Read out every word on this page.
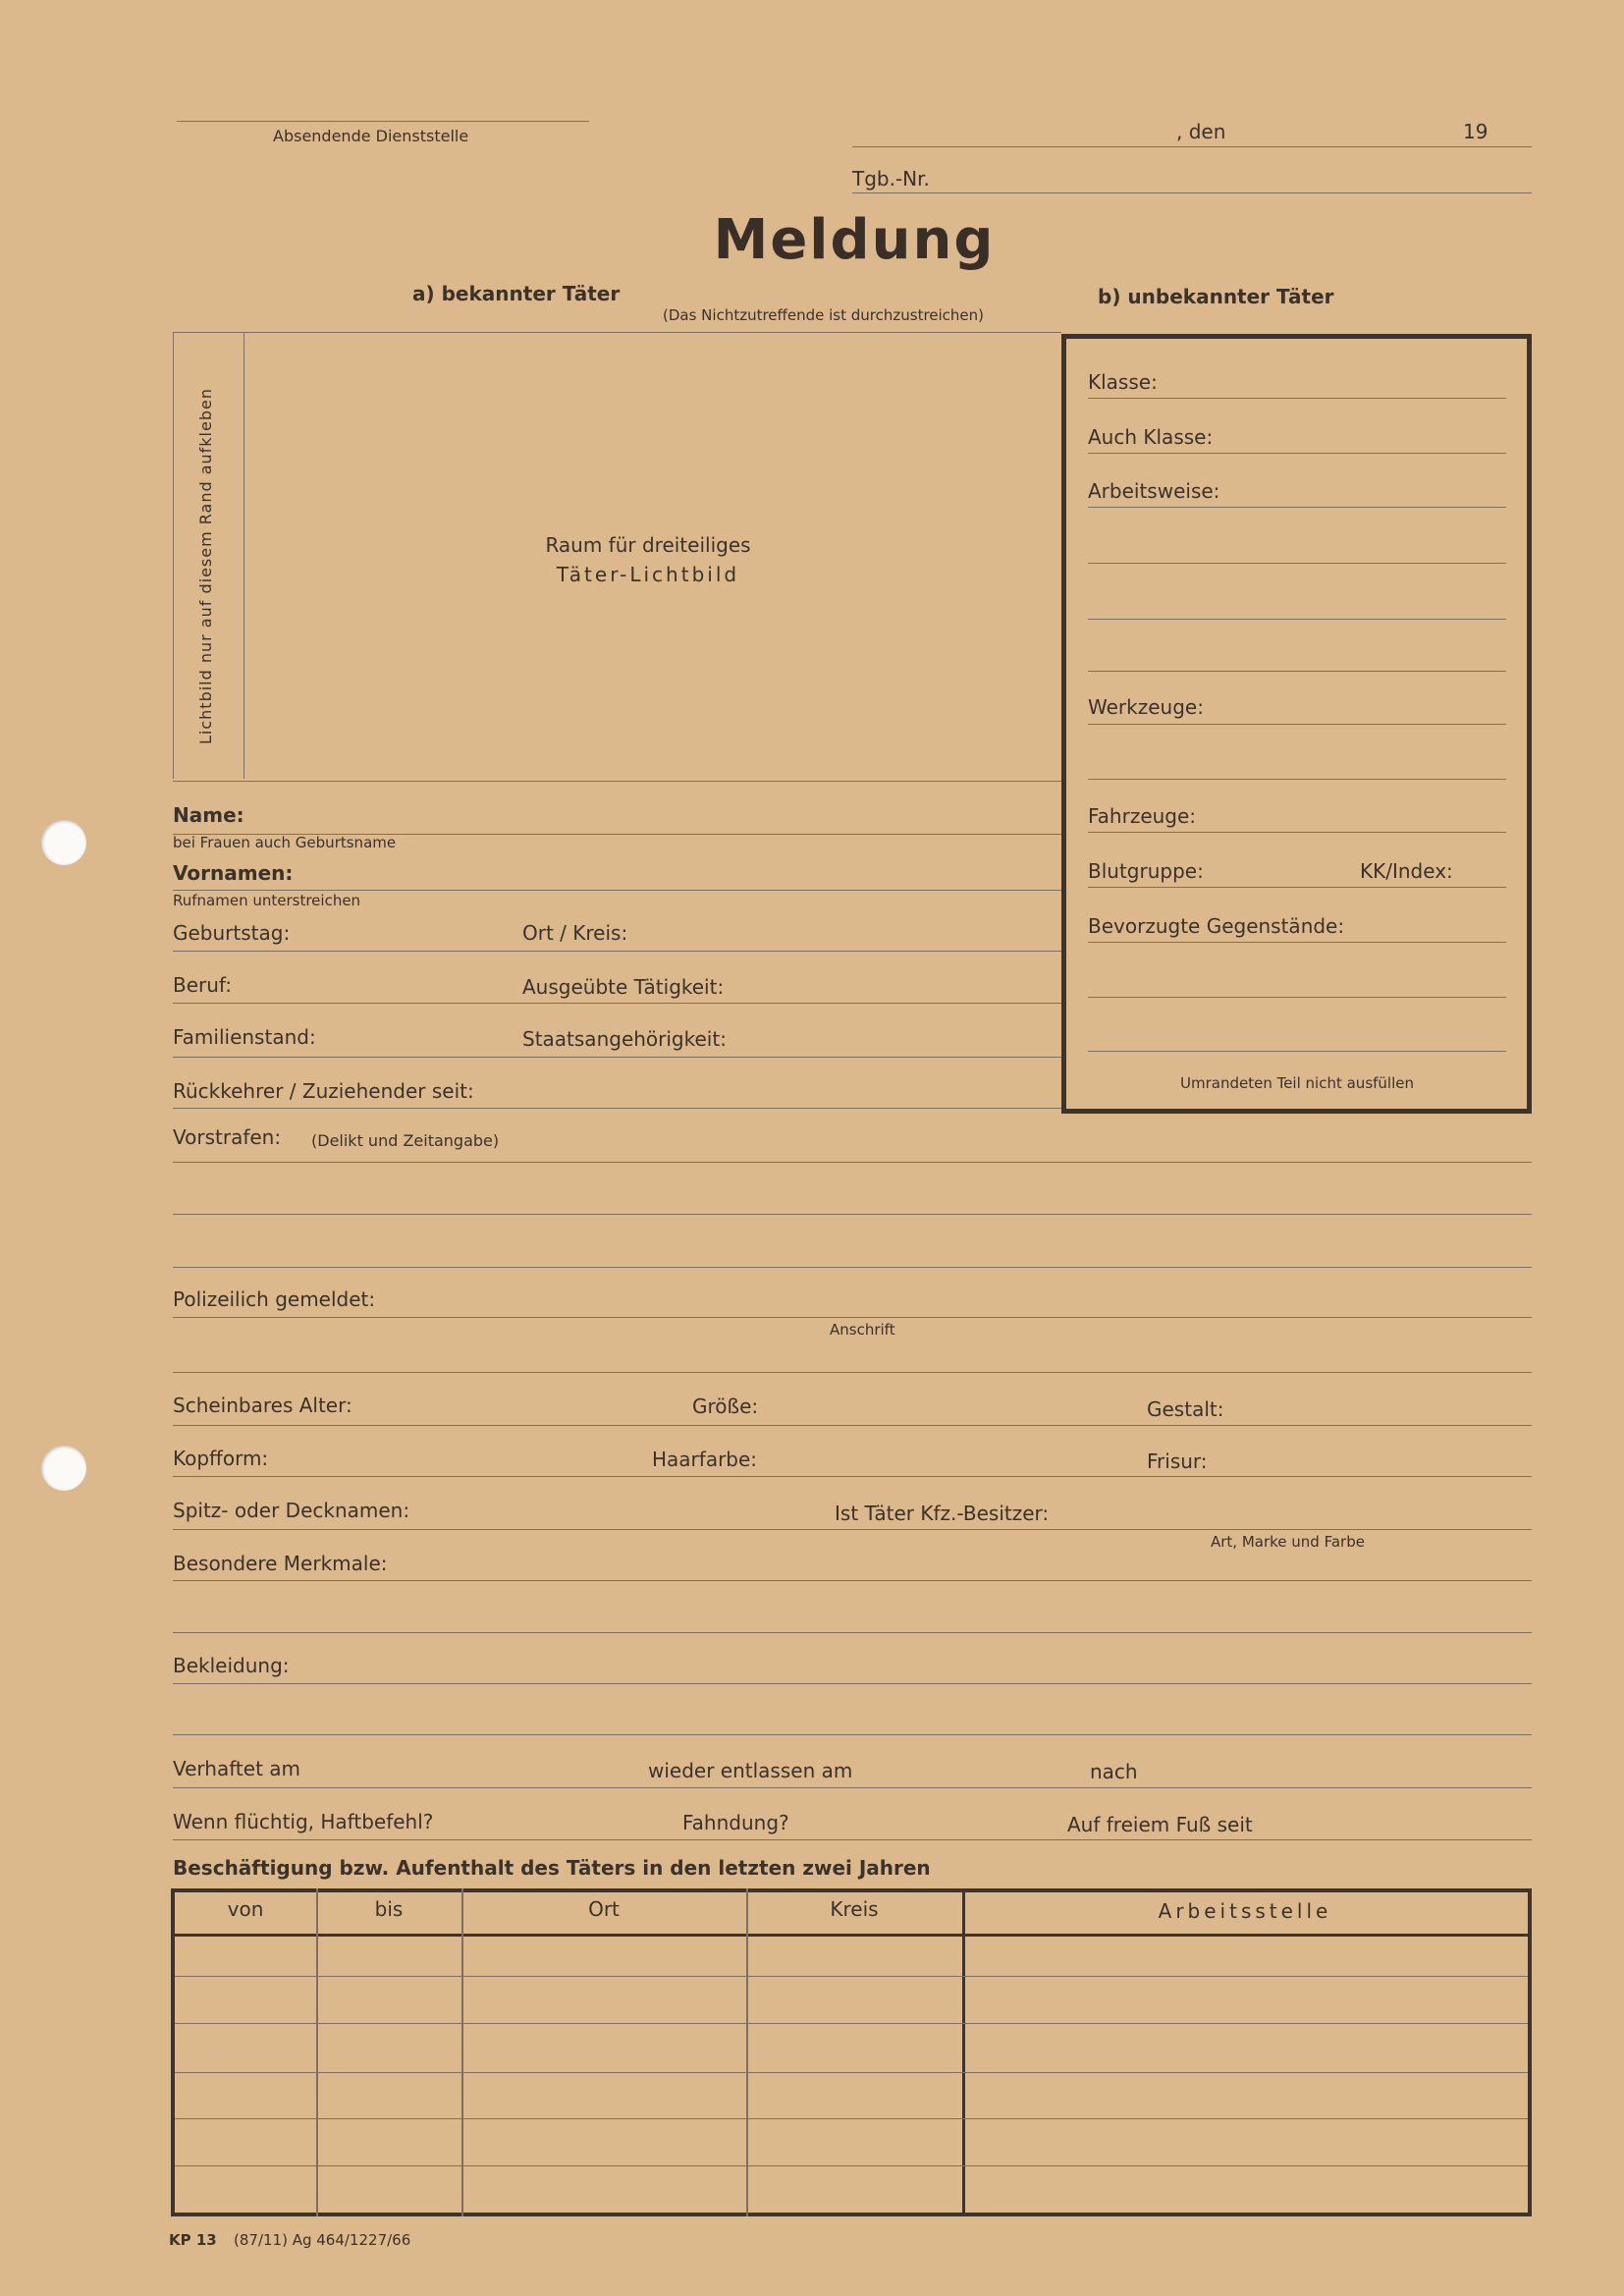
Absendende Dienststelle	, den	19
Tgb.-Nr.
Meldung
a) bekannter Täter
(Das Nichtzutreffende ist durchzustreichen)
b) unbekannter Täter
Lichtbild nur auf diesem Rand aufkleben	Raum für dreiteiliges
Täter-Lichtbild
Klasse:
Auch Klasse:
Arbeitsweise:
Werkzeuge:
Fahrzeuge:
Blutgruppe:	KK/Index:
Bevorzugte Gegenstände:
Umrandeten Teil nicht ausfüllen
Name:
bei Frauen auch Geburtsname
Vornamen:
Rufnamen unterstreichen
Geburtstag:	Ort / Kreis:
Beruf:	Ausgeübte Tätigkeit:
Familienstand:	Staatsangehörigkeit:
Rückkehrer / Zuziehender seit:
Vorstrafen: (Delikt und Zeitangabe)
Polizeilich gemeldet:
Anschrift
Scheinbares Alter:	Größe:	Gestalt:
Kopfform:	Haarfarbe:	Frisur:
Spitz- oder Decknamen:	Ist Täter Kfz.-Besitzer:
Art, Marke und Farbe
Besondere Merkmale:
Bekleidung:
Verhaftet am	wieder entlassen am	nach
Wenn flüchtig, Haftbefehl?	Fahndung?	Auf freiem Fuß seit
Beschäftigung bzw. Aufenthalt des Täters in den letzten zwei Jahren
von	bis	Ort	Kreis	Arbeitsstelle
KP 13 (87/11) Ag 464/1227/66
